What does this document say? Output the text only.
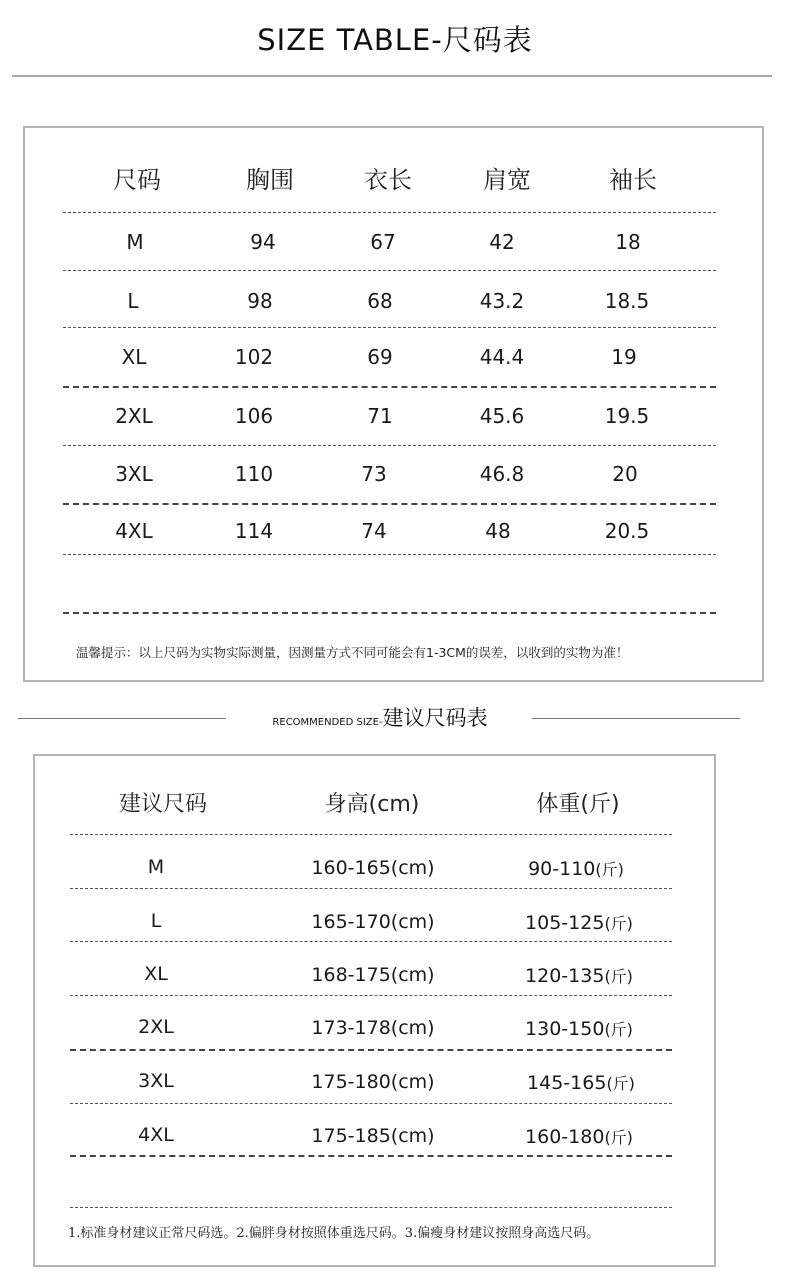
SIZE TABLE-尺码表
尺码	胸围	衣长	肩宽	袖长
M	94	67	42	18
L	98	68	43.2	18.5
XL	102	69	44.4	19
2XL	106	71	45.6	19.5
3XL	110	73	46.8	20
4XL	114	74	48	20.5
温馨提示：以上尺码为实物实际测量，因测量方式不同可能会有1-3CM的误差，以收到的实物为准！
RECOMMENDED SIZE-建议尺码表
建议尺码	身高(cm)	体重(斤)
M	160-165(cm)	90-110(斤)
L	165-170(cm)	105-125(斤)
XL	168-175(cm)	120-135(斤)
2XL	173-178(cm)	130-150(斤)
3XL	175-180(cm)	145-165(斤)
4XL	175-185(cm)	160-180(斤)
1.标准身材建议正常尺码选。2.偏胖身材按照体重选尺码。3.偏瘦身材建议按照身高选尺码。
